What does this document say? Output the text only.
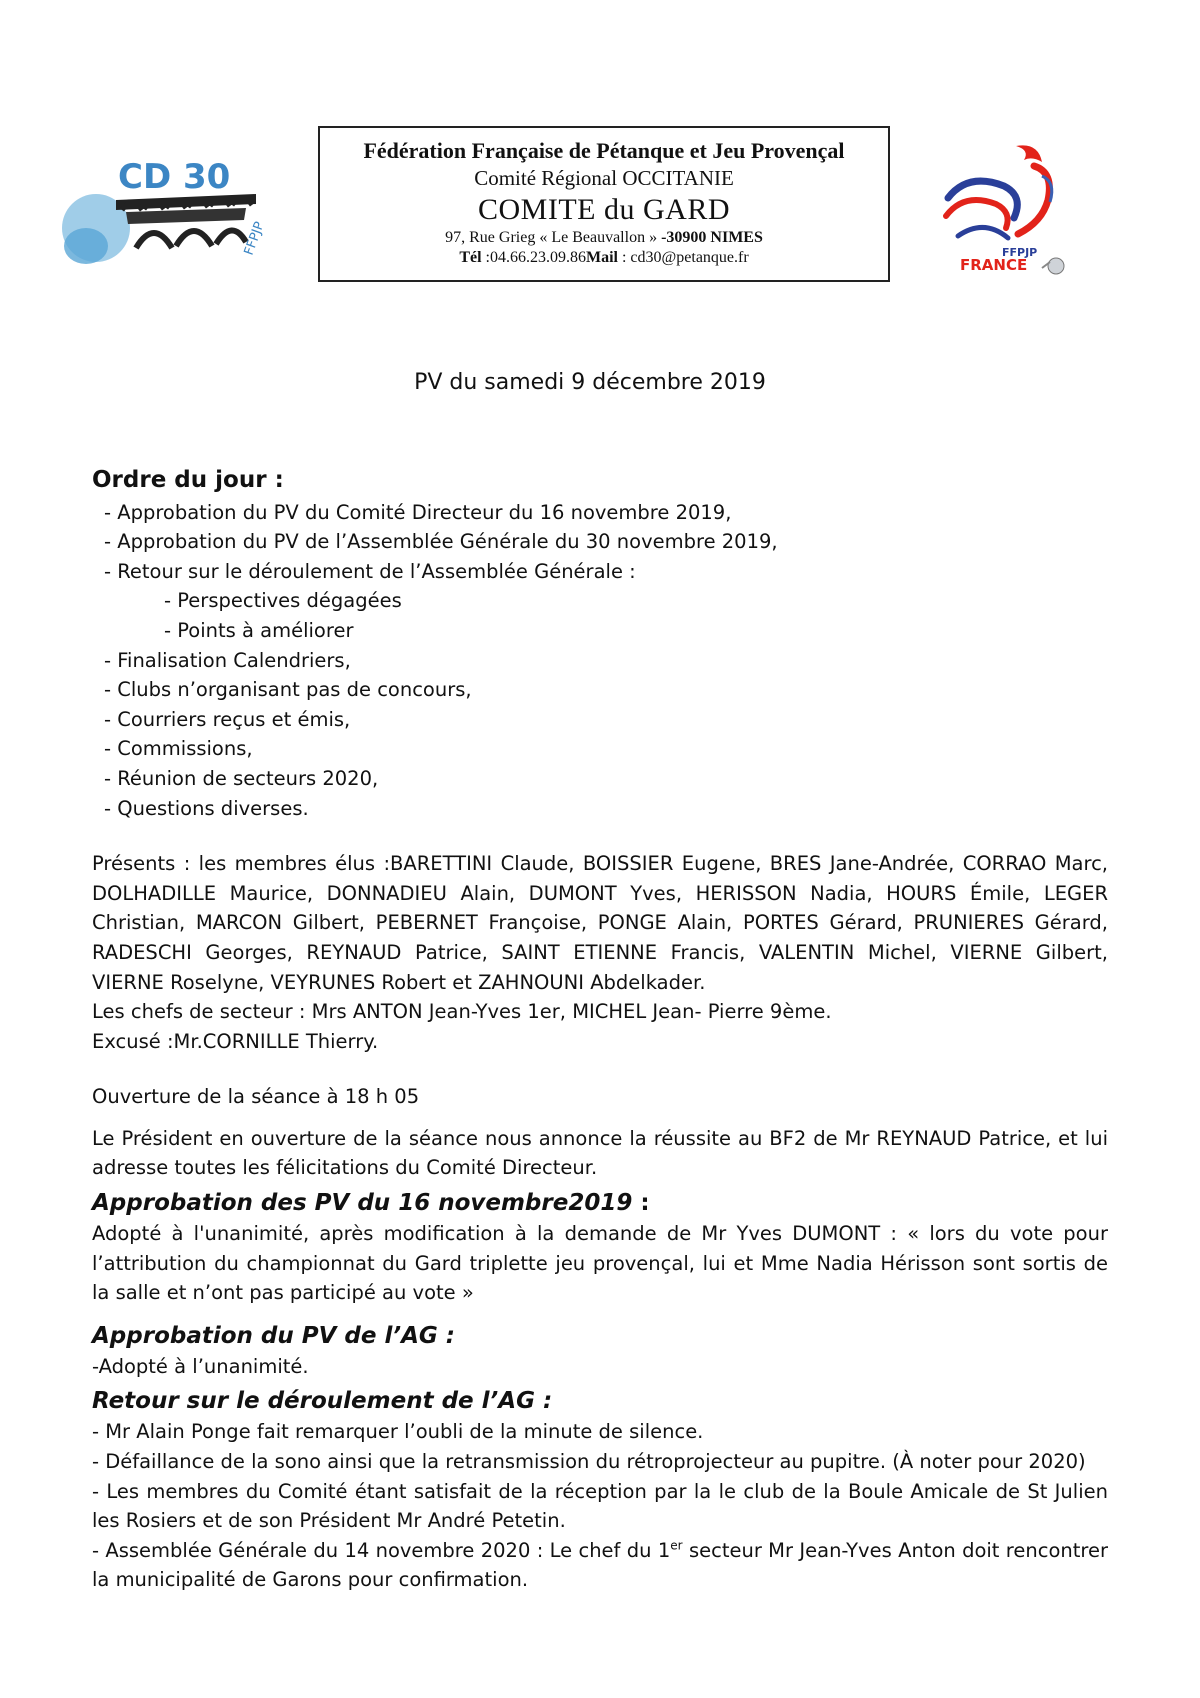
CD 30
FFPJP
Fédération Française de Pétanque et Jeu Provençal
Comité Régional OCCITANIE
COMITE du GARD
97, Rue Grieg « Le Beauvallon » -30900 NIMES
Tél :04.66.23.09.86Mail : cd30@petanque.fr	FFPJP
FRANCE
PV du samedi 9 décembre 2019
Ordre du jour :
- Approbation du PV du Comité Directeur du 16 novembre 2019,
- Approbation du PV de l’Assemblée Générale du 30 novembre 2019,
- Retour sur le déroulement de l’Assemblée Générale :
- Perspectives dégagées
- Points à améliorer
- Finalisation Calendriers,
- Clubs n’organisant pas de concours,
- Courriers reçus et émis,
- Commissions,
- Réunion de secteurs 2020,
- Questions diverses.
Présents : les membres élus :BARETTINI Claude, BOISSIER Eugene, BRES Jane-Andrée, CORRAO Marc, DOLHADILLE Maurice, DONNADIEU Alain, DUMONT Yves, HERISSON Nadia, HOURS Émile, LEGER Christian, MARCON Gilbert, PEBERNET Françoise, PONGE Alain, PORTES Gérard, PRUNIERES Gérard, RADESCHI Georges, REYNAUD Patrice, SAINT ETIENNE Francis, VALENTIN Michel, VIERNE Gilbert, VIERNE Roselyne, VEYRUNES Robert et ZAHNOUNI Abdelkader.
Les chefs de secteur : Mrs ANTON Jean-Yves 1er, MICHEL Jean- Pierre 9ème.
Excusé :Mr.CORNILLE Thierry.
Ouverture de la séance à 18 h 05
Le Président en ouverture de la séance nous annonce la réussite au BF2 de Mr REYNAUD Patrice, et lui adresse toutes les félicitations du Comité Directeur.
Approbation des PV du 16 novembre2019 :
Adopté à l'unanimité, après modification à la demande de Mr Yves DUMONT : « lors du vote pour l’attribution du championnat du Gard triplette jeu provençal, lui et Mme Nadia Hérisson sont sortis de la salle et n’ont pas participé au vote »
Approbation du PV de l’AG :
-Adopté à l’unanimité.
Retour sur le déroulement de l’AG :
- Mr Alain Ponge fait remarquer l’oubli de la minute de silence.
- Défaillance de la sono ainsi que la retransmission du rétroprojecteur au pupitre. (À noter pour 2020)
- Les membres du Comité étant satisfait de la réception par la le club de la Boule Amicale de St Julien les Rosiers et de son Président Mr André Petetin.
- Assemblée Générale du 14 novembre 2020 : Le chef du 1er secteur Mr Jean-Yves Anton doit rencontrer la municipalité de Garons pour confirmation.
